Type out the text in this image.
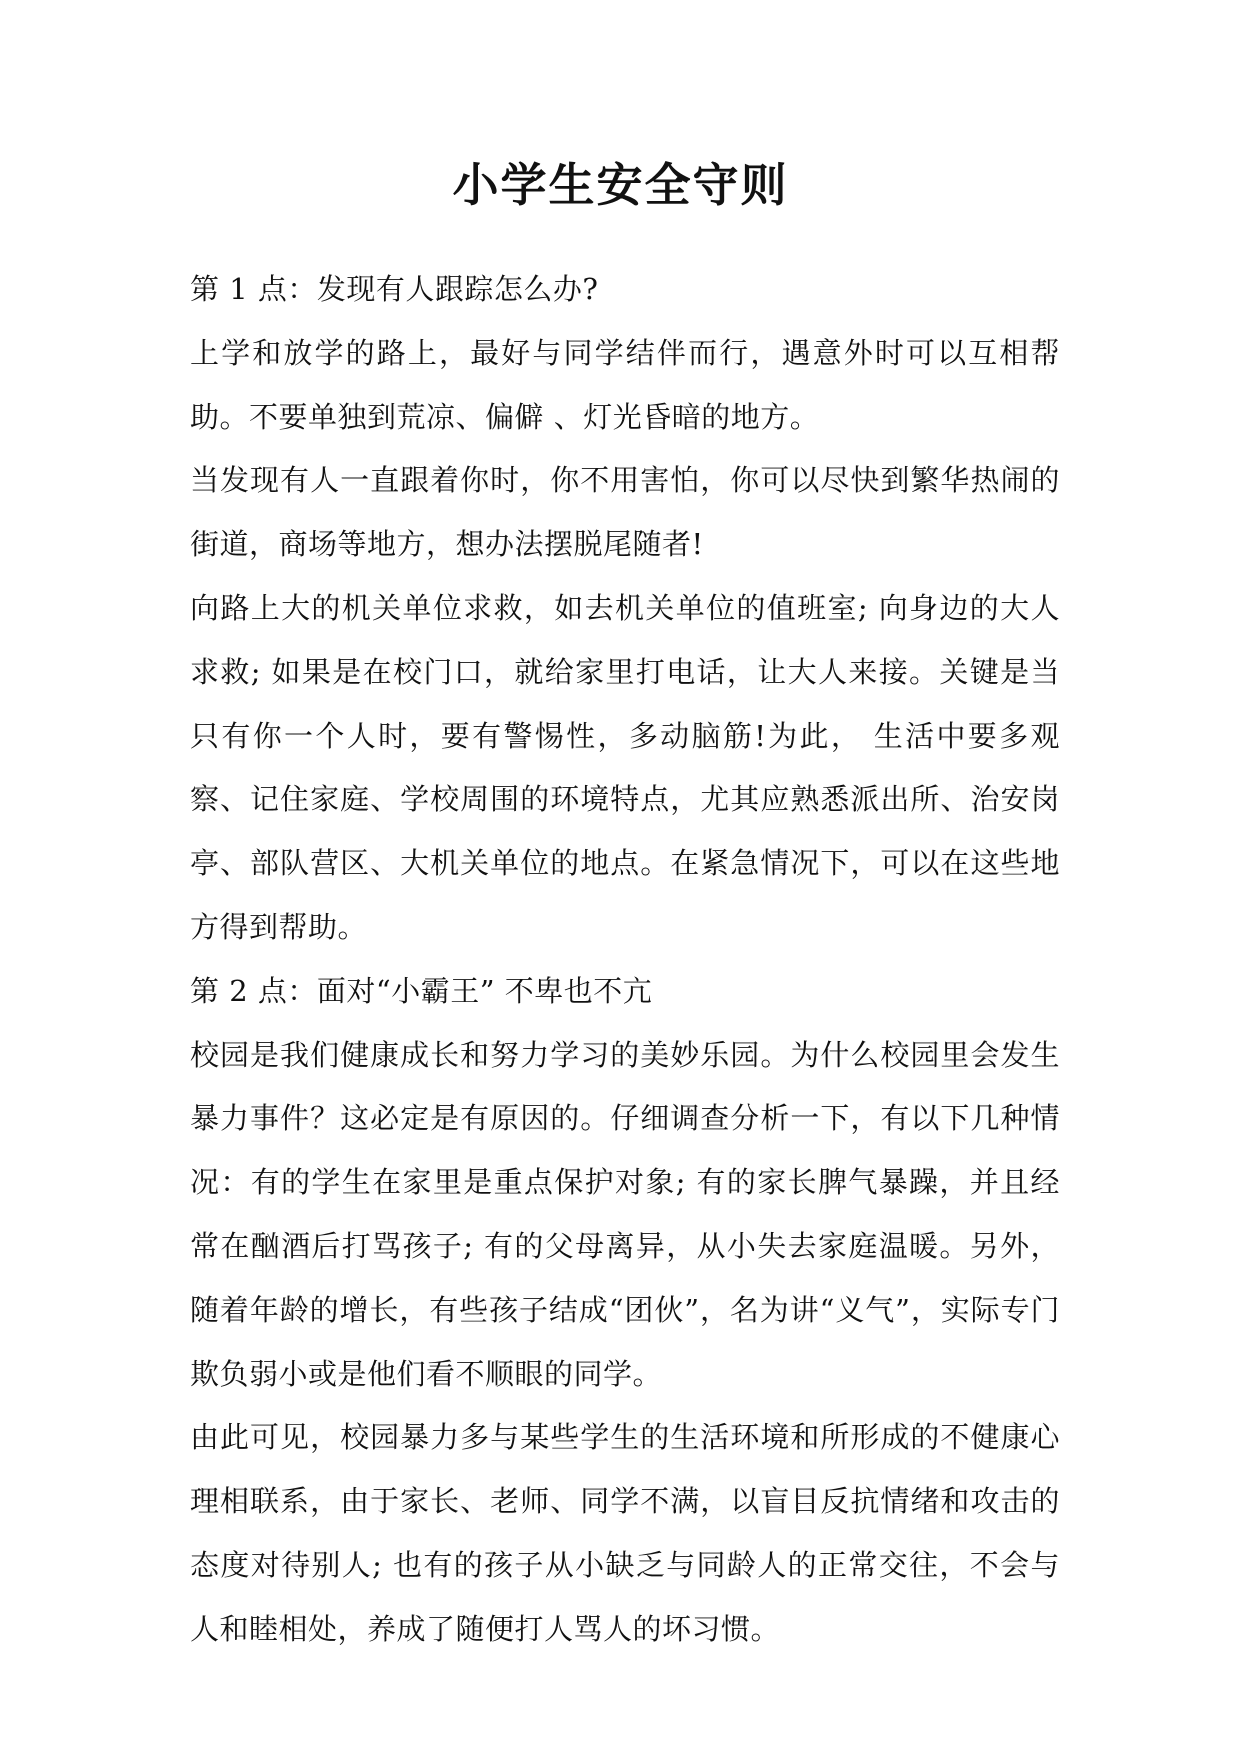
小学生安全守则

第 1 点：发现有人跟踪怎么办?

上学和放学的路上，最好与同学结伴而行，遇意外时可以互相帮助。不要单独到荒凉、偏僻 、灯光昏暗的地方。

当发现有人一直跟着你时，你不用害怕，你可以尽快到繁华热闹的街道，商场等地方，想办法摆脱尾随者!

向路上大的机关单位求救，如去机关单位的值班室; 向身边的大人求救; 如果是在校门口，就给家里打电话，让大人来接。关键是当只有你一个人时，要有警惕性，多动脑筋!为此， 生活中要多观察、记住家庭、学校周围的环境特点，尤其应熟悉派出所、治安岗亭、部队营区、大机关单位的地点。在紧急情况下，可以在这些地方得到帮助。

第 2 点：面对“小霸王” 不卑也不亢

校园是我们健康成长和努力学习的美妙乐园。为什么校园里会发生暴力事件？这必定是有原因的。仔细调查分析一下，有以下几种情况：有的学生在家里是重点保护对象; 有的家长脾气暴躁，并且经常在酗酒后打骂孩子; 有的父母离异，从小失去家庭温暖。另外，随着年龄的增长，有些孩子结成“团伙”，名为讲“义气”，实际专门欺负弱小或是他们看不顺眼的同学。

由此可见，校园暴力多与某些学生的生活环境和所形成的不健康心理相联系，由于家长、老师、同学不满，以盲目反抗情绪和攻击的态度对待别人; 也有的孩子从小缺乏与同龄人的正常交往，不会与人和睦相处，养成了随便打人骂人的坏习惯。
